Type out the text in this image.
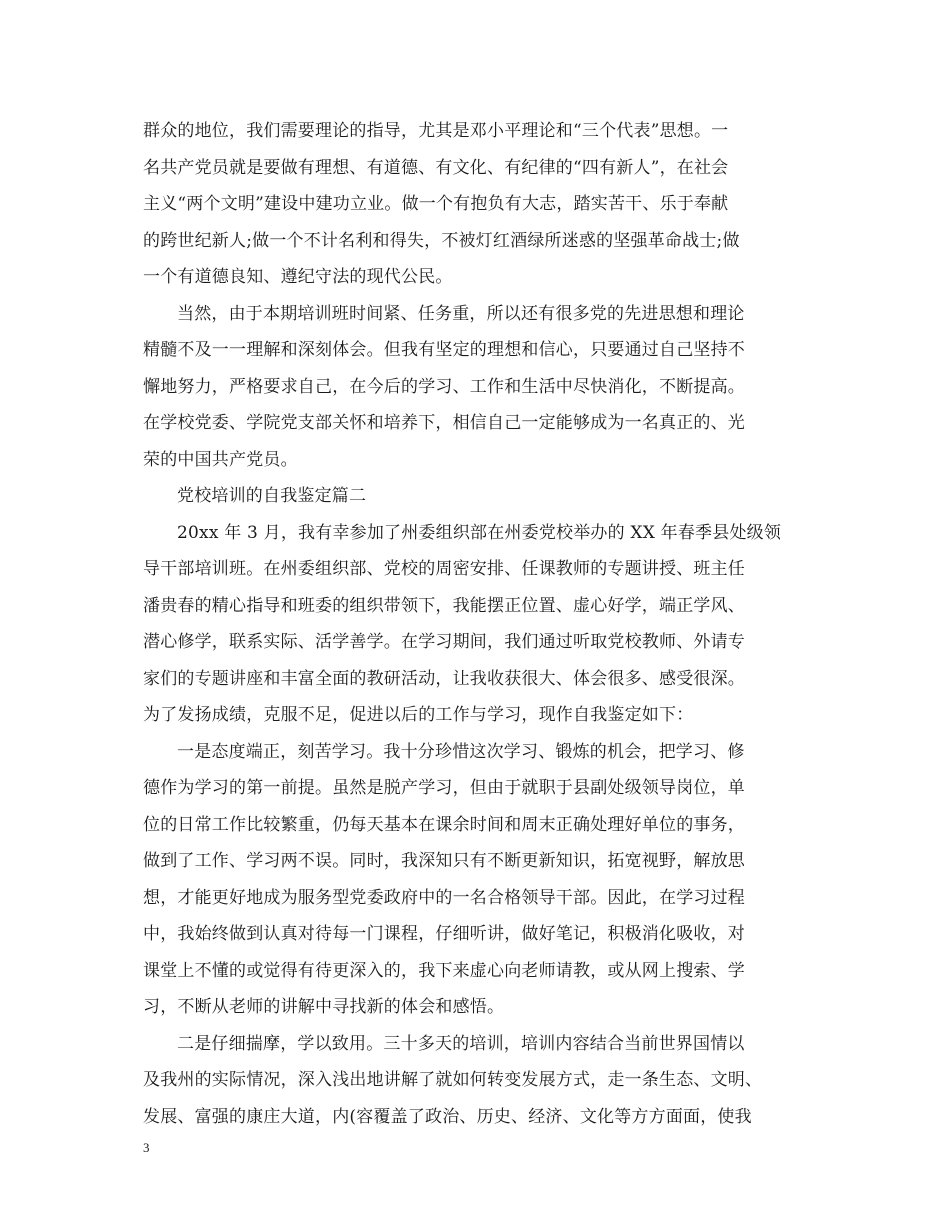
群众的地位，我们需要理论的指导，尤其是邓小平理论和“三个代表”思想。一
名共产党员就是要做有理想、有道德、有文化、有纪律的“四有新人”，在社会
主义“两个文明”建设中建功立业。做一个有抱负有大志，踏实苦干、乐于奉献
的跨世纪新人;做一个不计名利和得失，不被灯红酒绿所迷惑的坚强革命战士;做
一个有道德良知、遵纪守法的现代公民。
当然，由于本期培训班时间紧、任务重，所以还有很多党的先进思想和理论
精髓不及一一理解和深刻体会。但我有坚定的理想和信心，只要通过自己坚持不
懈地努力，严格要求自己，在今后的学习、工作和生活中尽快消化，不断提高。
在学校党委、学院党支部关怀和培养下，相信自己一定能够成为一名真正的、光
荣的中国共产党员。
党校培训的自我鉴定篇二
20xx 年 3 月，我有幸参加了州委组织部在州委党校举办的 XX 年春季县处级领
导干部培训班。在州委组织部、党校的周密安排、任课教师的专题讲授、班主任
潘贵春的精心指导和班委的组织带领下，我能摆正位置、虚心好学，端正学风、
潜心修学，联系实际、活学善学。在学习期间，我们通过听取党校教师、外请专
家们的专题讲座和丰富全面的教研活动，让我收获很大、体会很多、感受很深。
为了发扬成绩，克服不足，促进以后的工作与学习，现作自我鉴定如下：
一是态度端正，刻苦学习。我十分珍惜这次学习、锻炼的机会，把学习、修
德作为学习的第一前提。虽然是脱产学习，但由于就职于县副处级领导岗位，单
位的日常工作比较繁重，仍每天基本在课余时间和周末正确处理好单位的事务，
做到了工作、学习两不误。同时，我深知只有不断更新知识，拓宽视野，解放思
想，才能更好地成为服务型党委政府中的一名合格领导干部。因此，在学习过程
中，我始终做到认真对待每一门课程，仔细听讲，做好笔记，积极消化吸收，对
课堂上不懂的或觉得有待更深入的，我下来虚心向老师请教，或从网上搜索、学
习，不断从老师的讲解中寻找新的体会和感悟。
二是仔细揣摩，学以致用。三十多天的培训，培训内容结合当前世界国情以
及我州的实际情况，深入浅出地讲解了就如何转变发展方式，走一条生态、文明、
发展、富强的康庄大道，内(容覆盖了政治、历史、经济、文化等方方面面，使我
3
